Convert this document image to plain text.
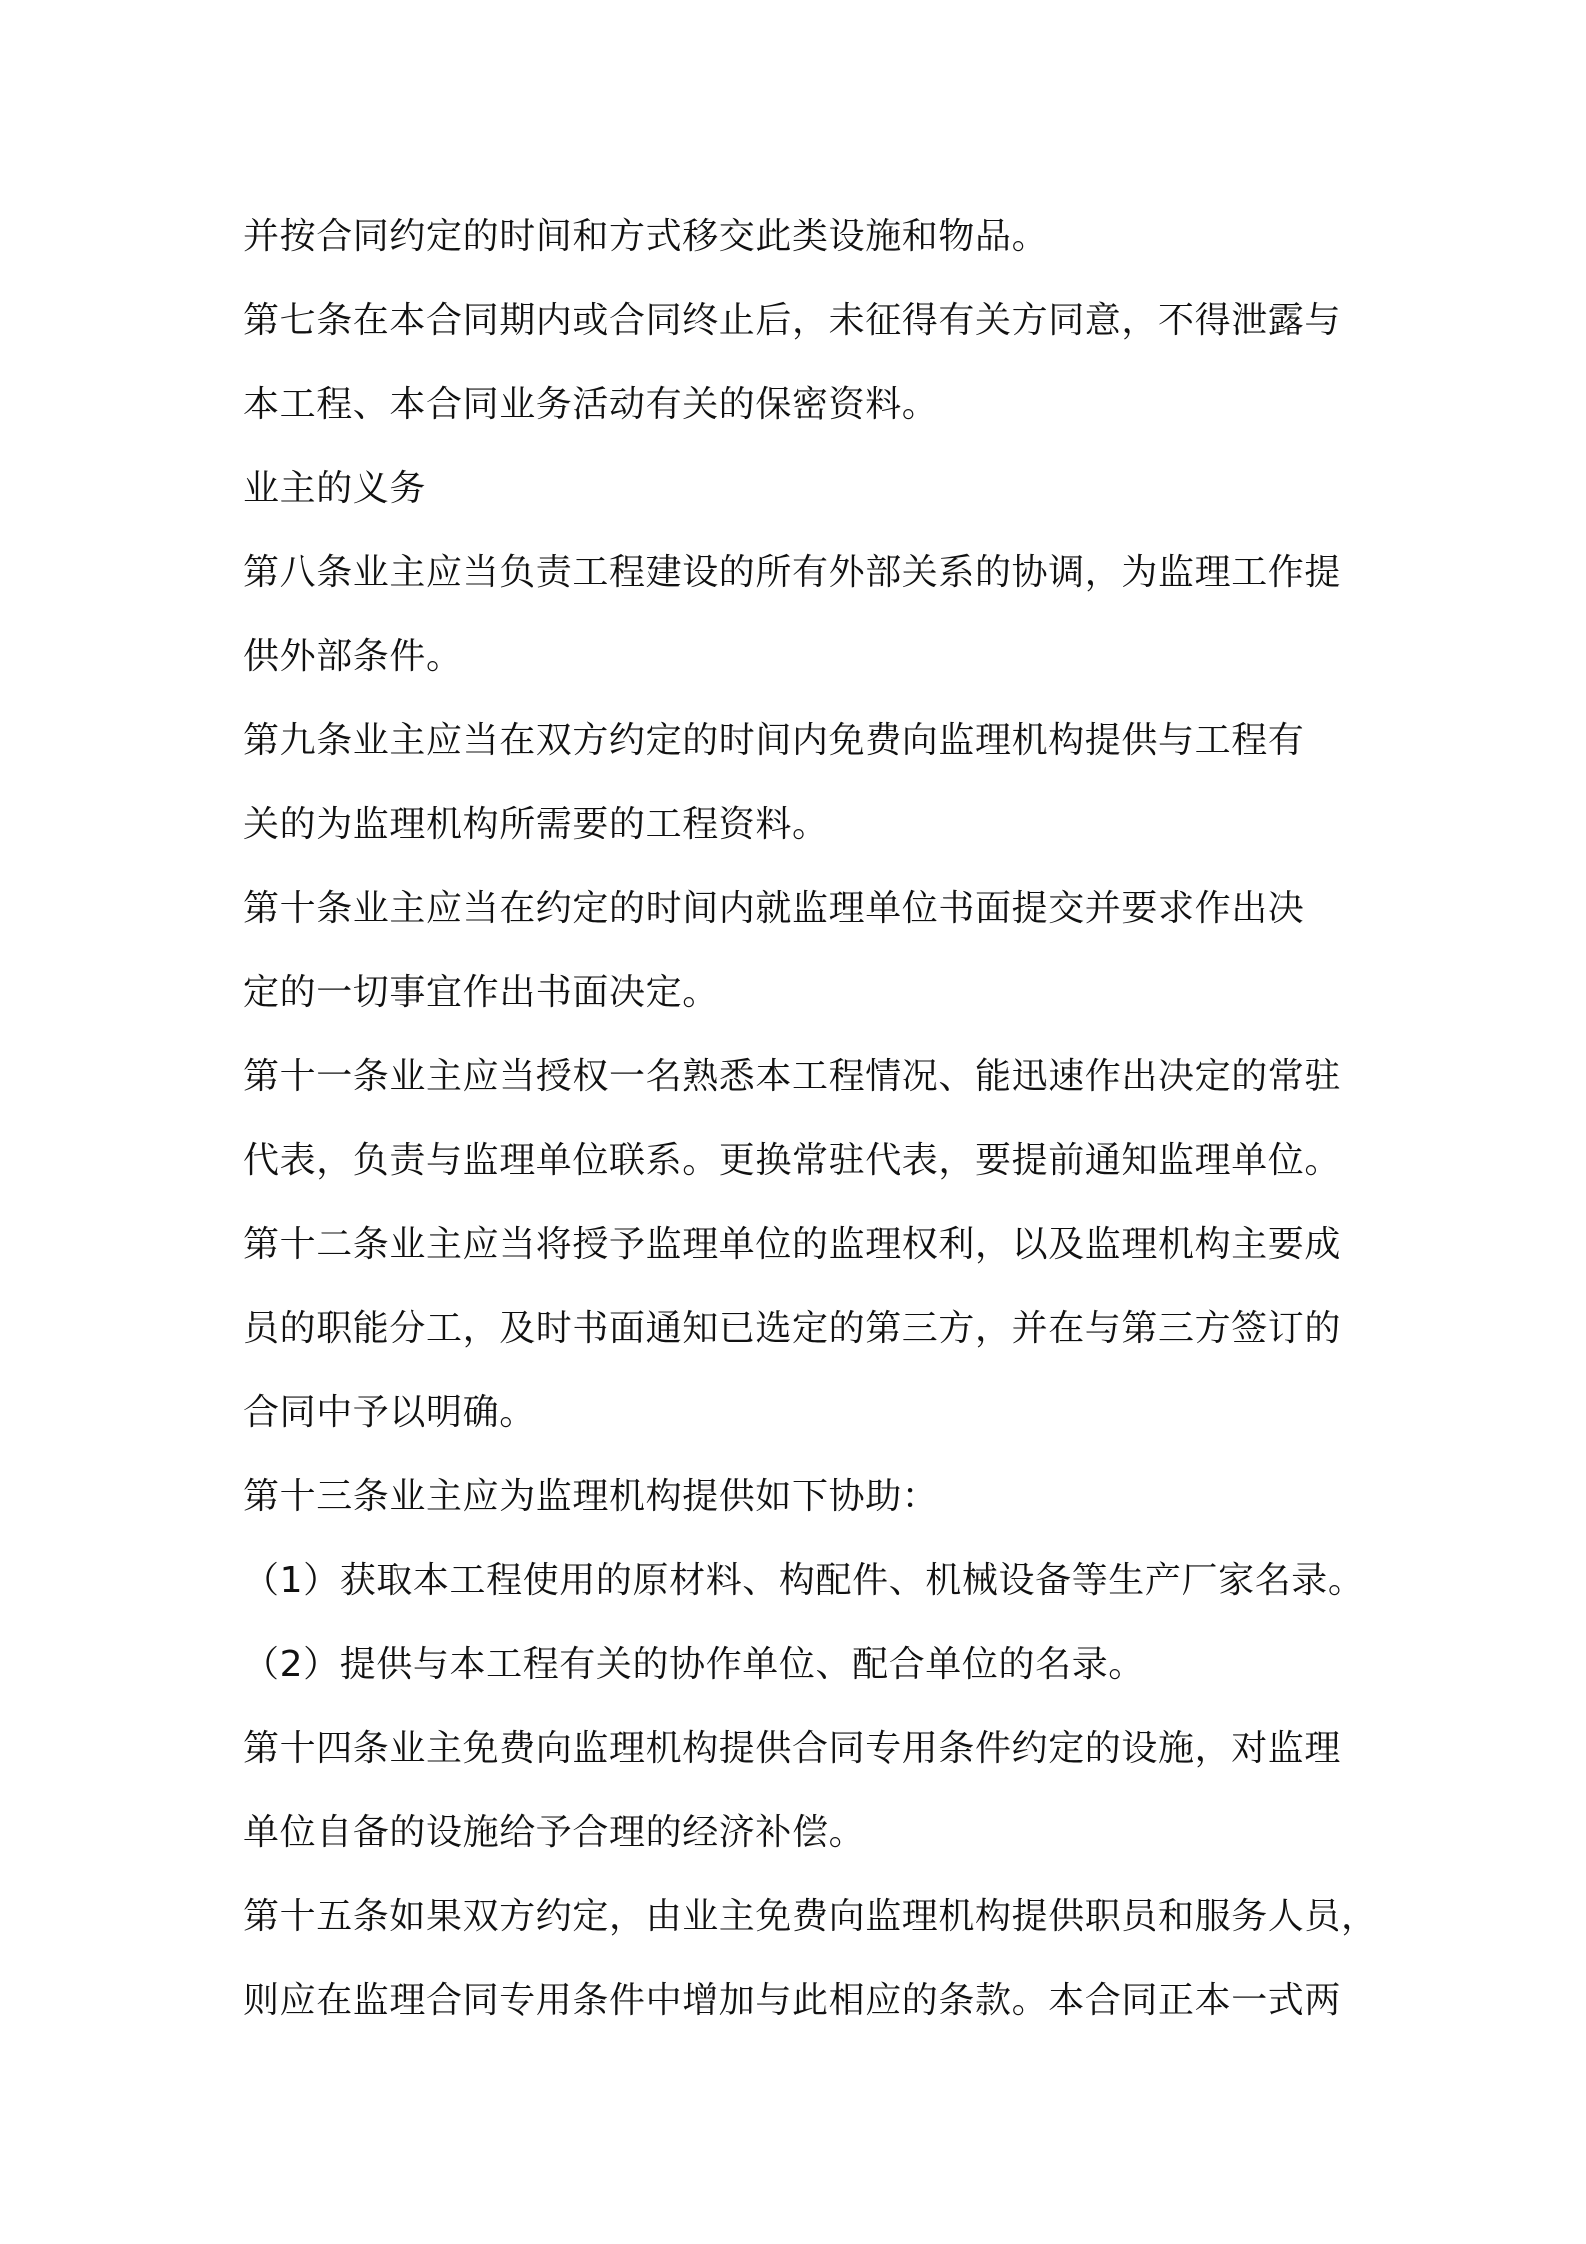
并按合同约定的时间和方式移交此类设施和物品。
第七条在本合同期内或合同终止后，未征得有关方同意，不得泄露与
本工程、本合同业务活动有关的保密资料。
业主的义务
第八条业主应当负责工程建设的所有外部关系的协调，为监理工作提
供外部条件。
第九条业主应当在双方约定的时间内免费向监理机构提供与工程有
关的为监理机构所需要的工程资料。
第十条业主应当在约定的时间内就监理单位书面提交并要求作出决
定的一切事宜作出书面决定。
第十一条业主应当授权一名熟悉本工程情况、能迅速作出决定的常驻
代表，负责与监理单位联系。更换常驻代表，要提前通知监理单位。
第十二条业主应当将授予监理单位的监理权利，以及监理机构主要成
员的职能分工，及时书面通知已选定的第三方，并在与第三方签订的
合同中予以明确。
第十三条业主应为监理机构提供如下协助：
（1）获取本工程使用的原材料、构配件、机械设备等生产厂家名录。
（2）提供与本工程有关的协作单位、配合单位的名录。
第十四条业主免费向监理机构提供合同专用条件约定的设施，对监理
单位自备的设施给予合理的经济补偿。
第十五条如果双方约定，由业主免费向监理机构提供职员和服务人员，
则应在监理合同专用条件中增加与此相应的条款。本合同正本一式两
